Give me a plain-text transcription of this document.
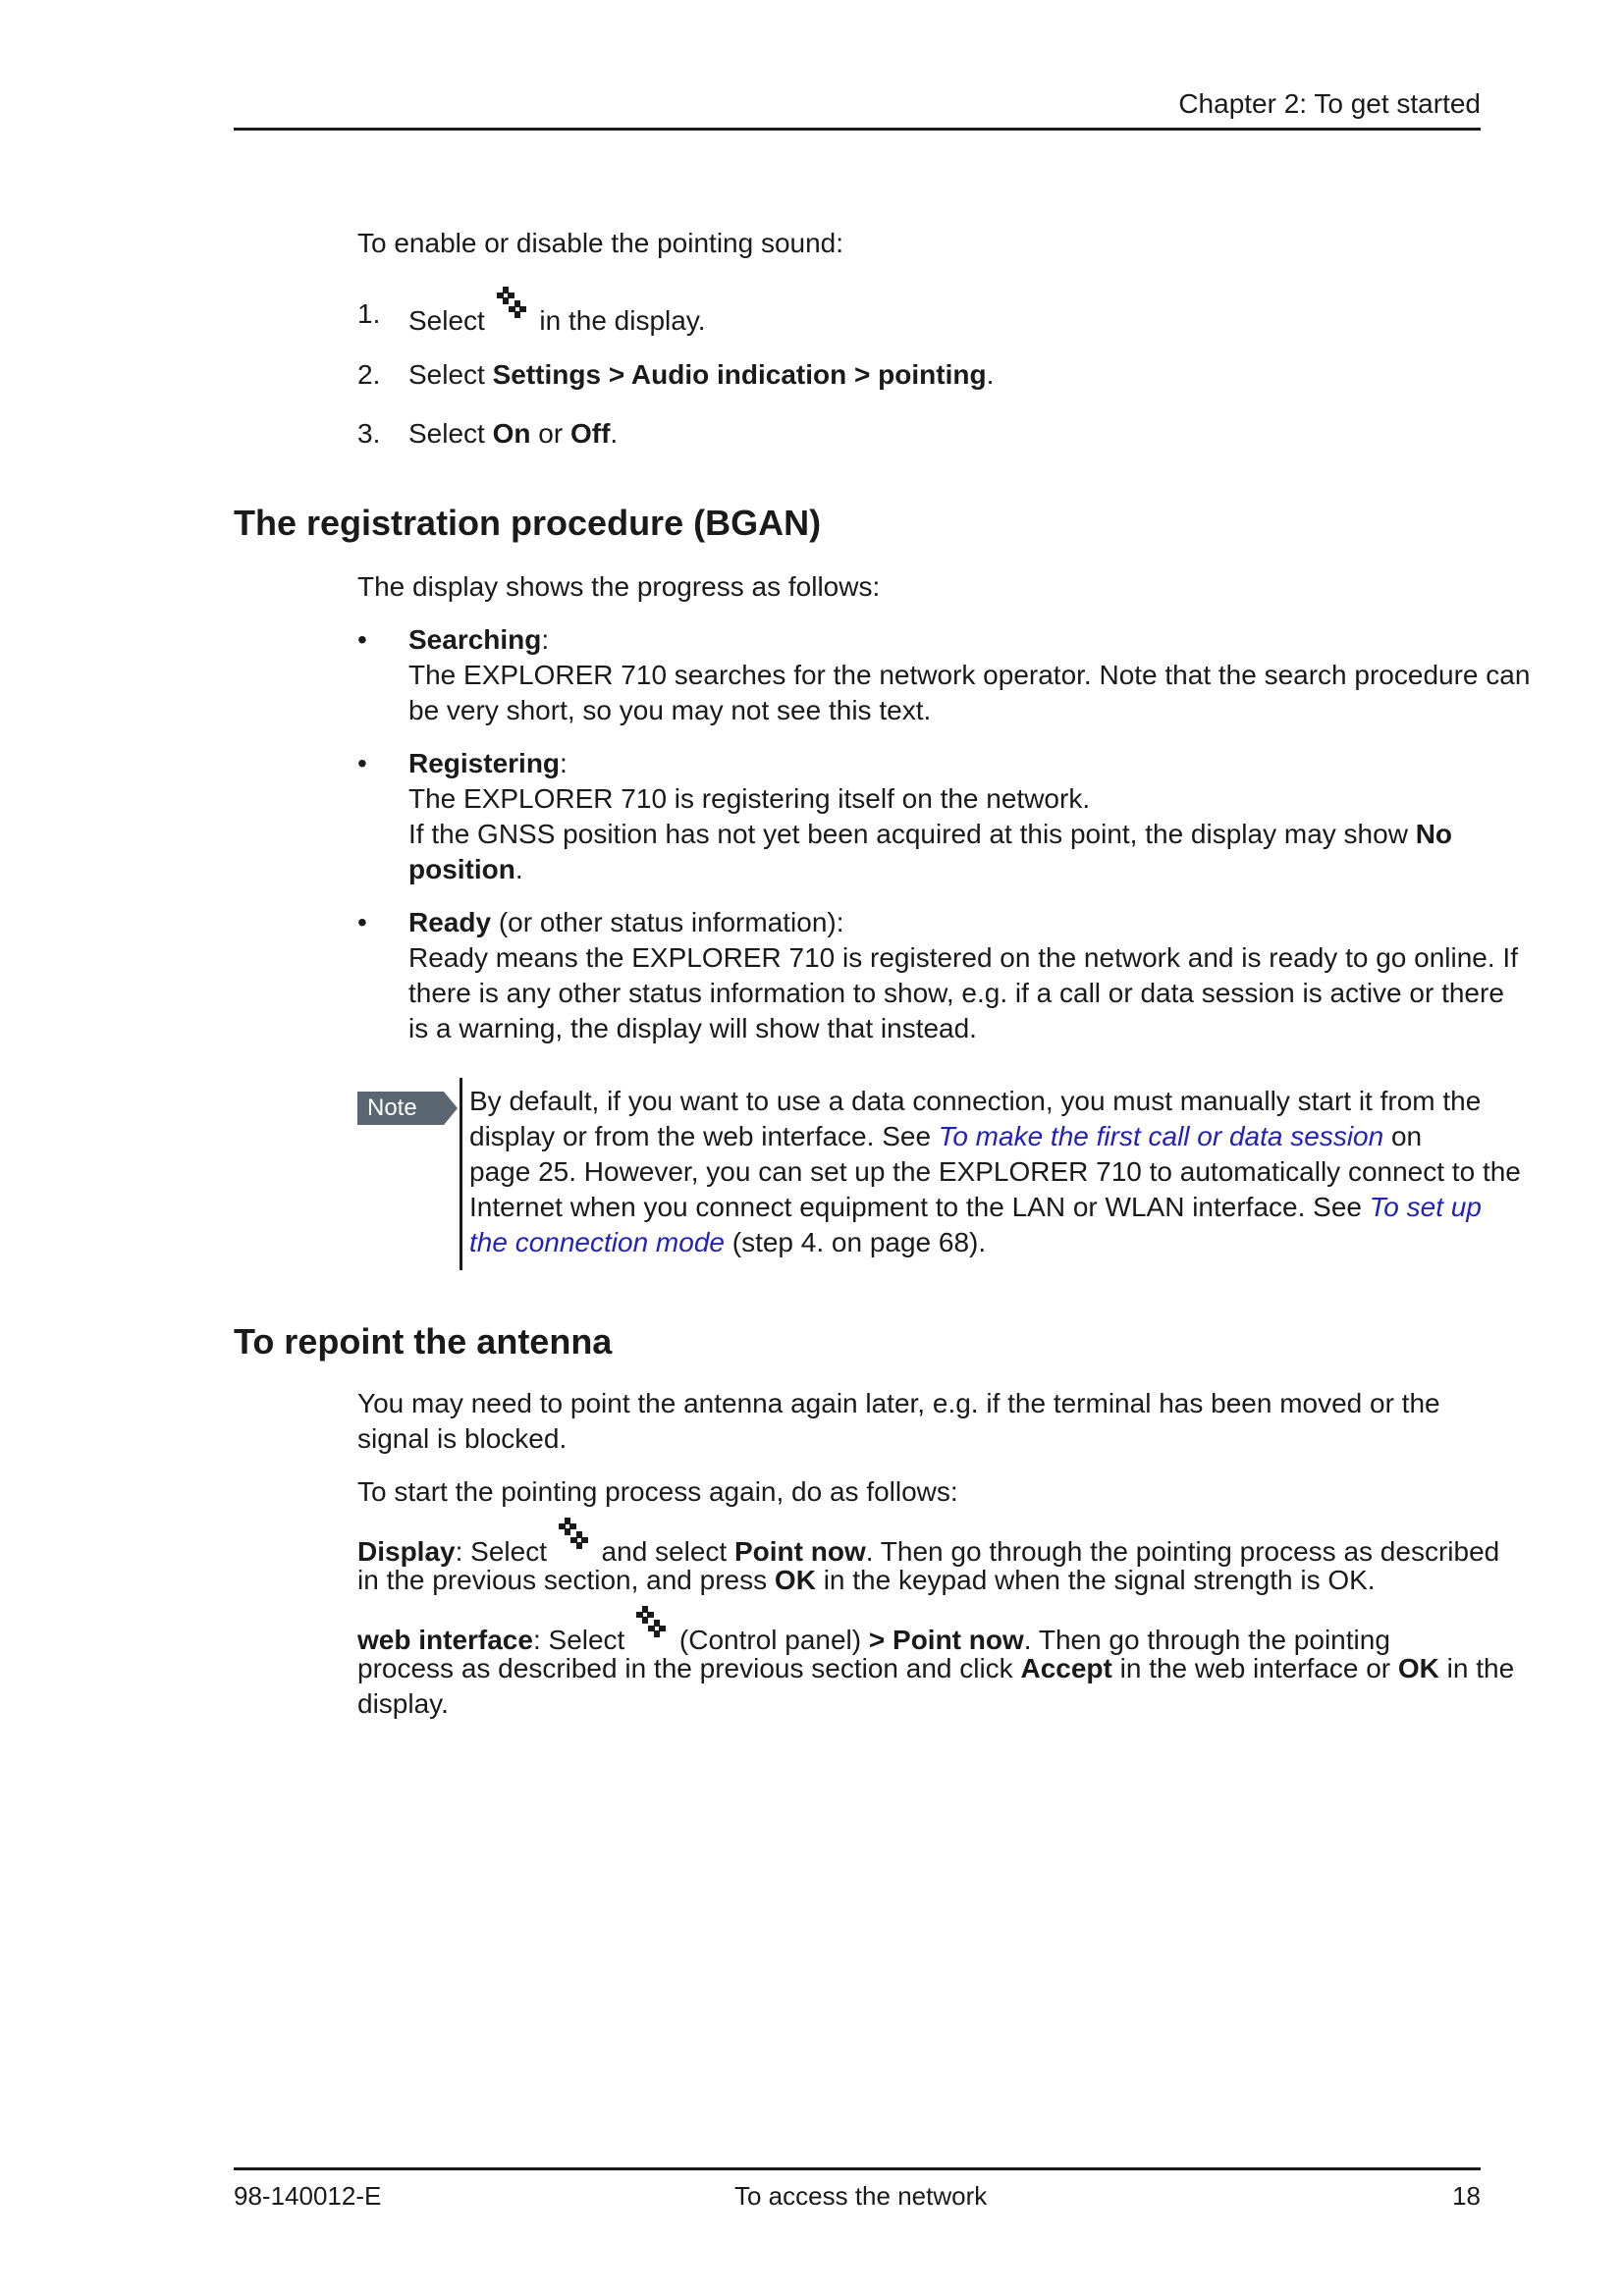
Chapter 2: To get started
To enable or disable the pointing sound:
1. Select in the display.
2. Select Settings > Audio indication > pointing.
3. Select On or Off.
The registration procedure (BGAN)
The display shows the progress as follows:
• Searching:
The EXPLORER 710 searches for the network operator. Note that the search procedure can
be very short, so you may not see this text.
• Registering:
The EXPLORER 710 is registering itself on the network.
If the GNSS position has not yet been acquired at this point, the display may show No
position.
• Ready (or other status information):
Ready means the EXPLORER 710 is registered on the network and is ready to go online. If
there is any other status information to show, e.g. if a call or data session is active or there
is a warning, the display will show that instead.
Note	By default, if you want to use a data connection, you must manually start it from the
display or from the web interface. See To make the first call or data session on
page 25. However, you can set up the EXPLORER 710 to automatically connect to the
Internet when you connect equipment to the LAN or WLAN interface. See To set up
the connection mode (step 4. on page 68).
To repoint the antenna
You may need to point the antenna again later, e.g. if the terminal has been moved or the
signal is blocked.
To start the pointing process again, do as follows:
Display: Select
and select Point now. Then go through the pointing process as described
in the previous section, and press OK in the keypad when the signal strength is OK.
web interface: Select
(Control panel) > Point now. Then go through the pointing
process as described in the previous section and click Accept in the web interface or OK in the
display.
98-140012-E	To access the network	18
